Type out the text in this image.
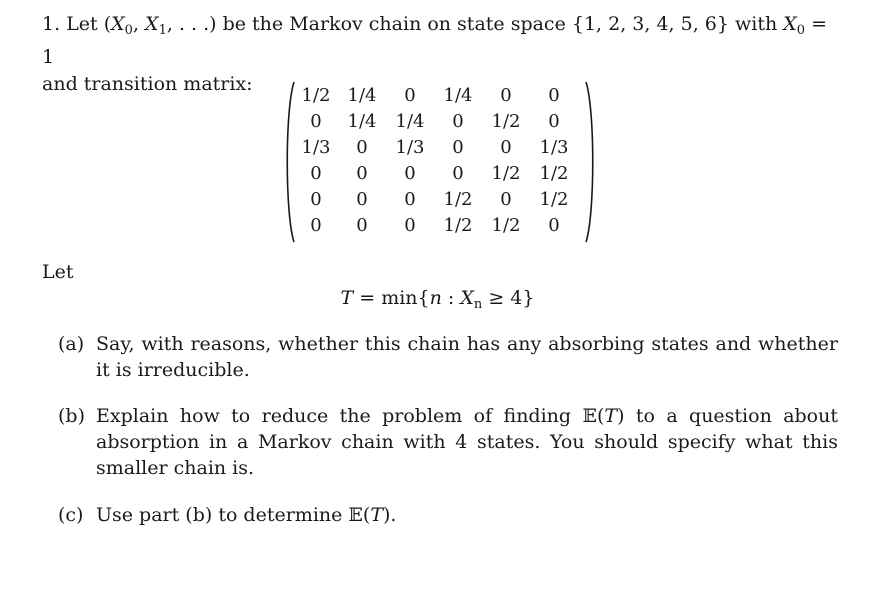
1. Let ($X_0$, $X_1$, . . .) be the Markov chain on state space {1, 2, 3, 4, 5, 6} with $X_0 = 1$
and transition matrix:
1/2	1/4	0	1/4	0	0
0	1/4	1/4	0	1/2	0
1/3	0	1/3	0	0	1/3
0	0	0	0	1/2	1/2
0	0	0	1/2	0	1/2
0	0	0	1/2	1/2	0
Let
T = min{n : $X_n \ge 4$}
(a) Say, with reasons, whether this chain has any absorbing states and whether it is irreducible.
(b) Explain how to reduce the problem of finding 𝔼(T) to a question about absorption in a Markov chain with 4 states. You should specify what this smaller chain is.
(c) Use part (b) to determine 𝔼(T).
